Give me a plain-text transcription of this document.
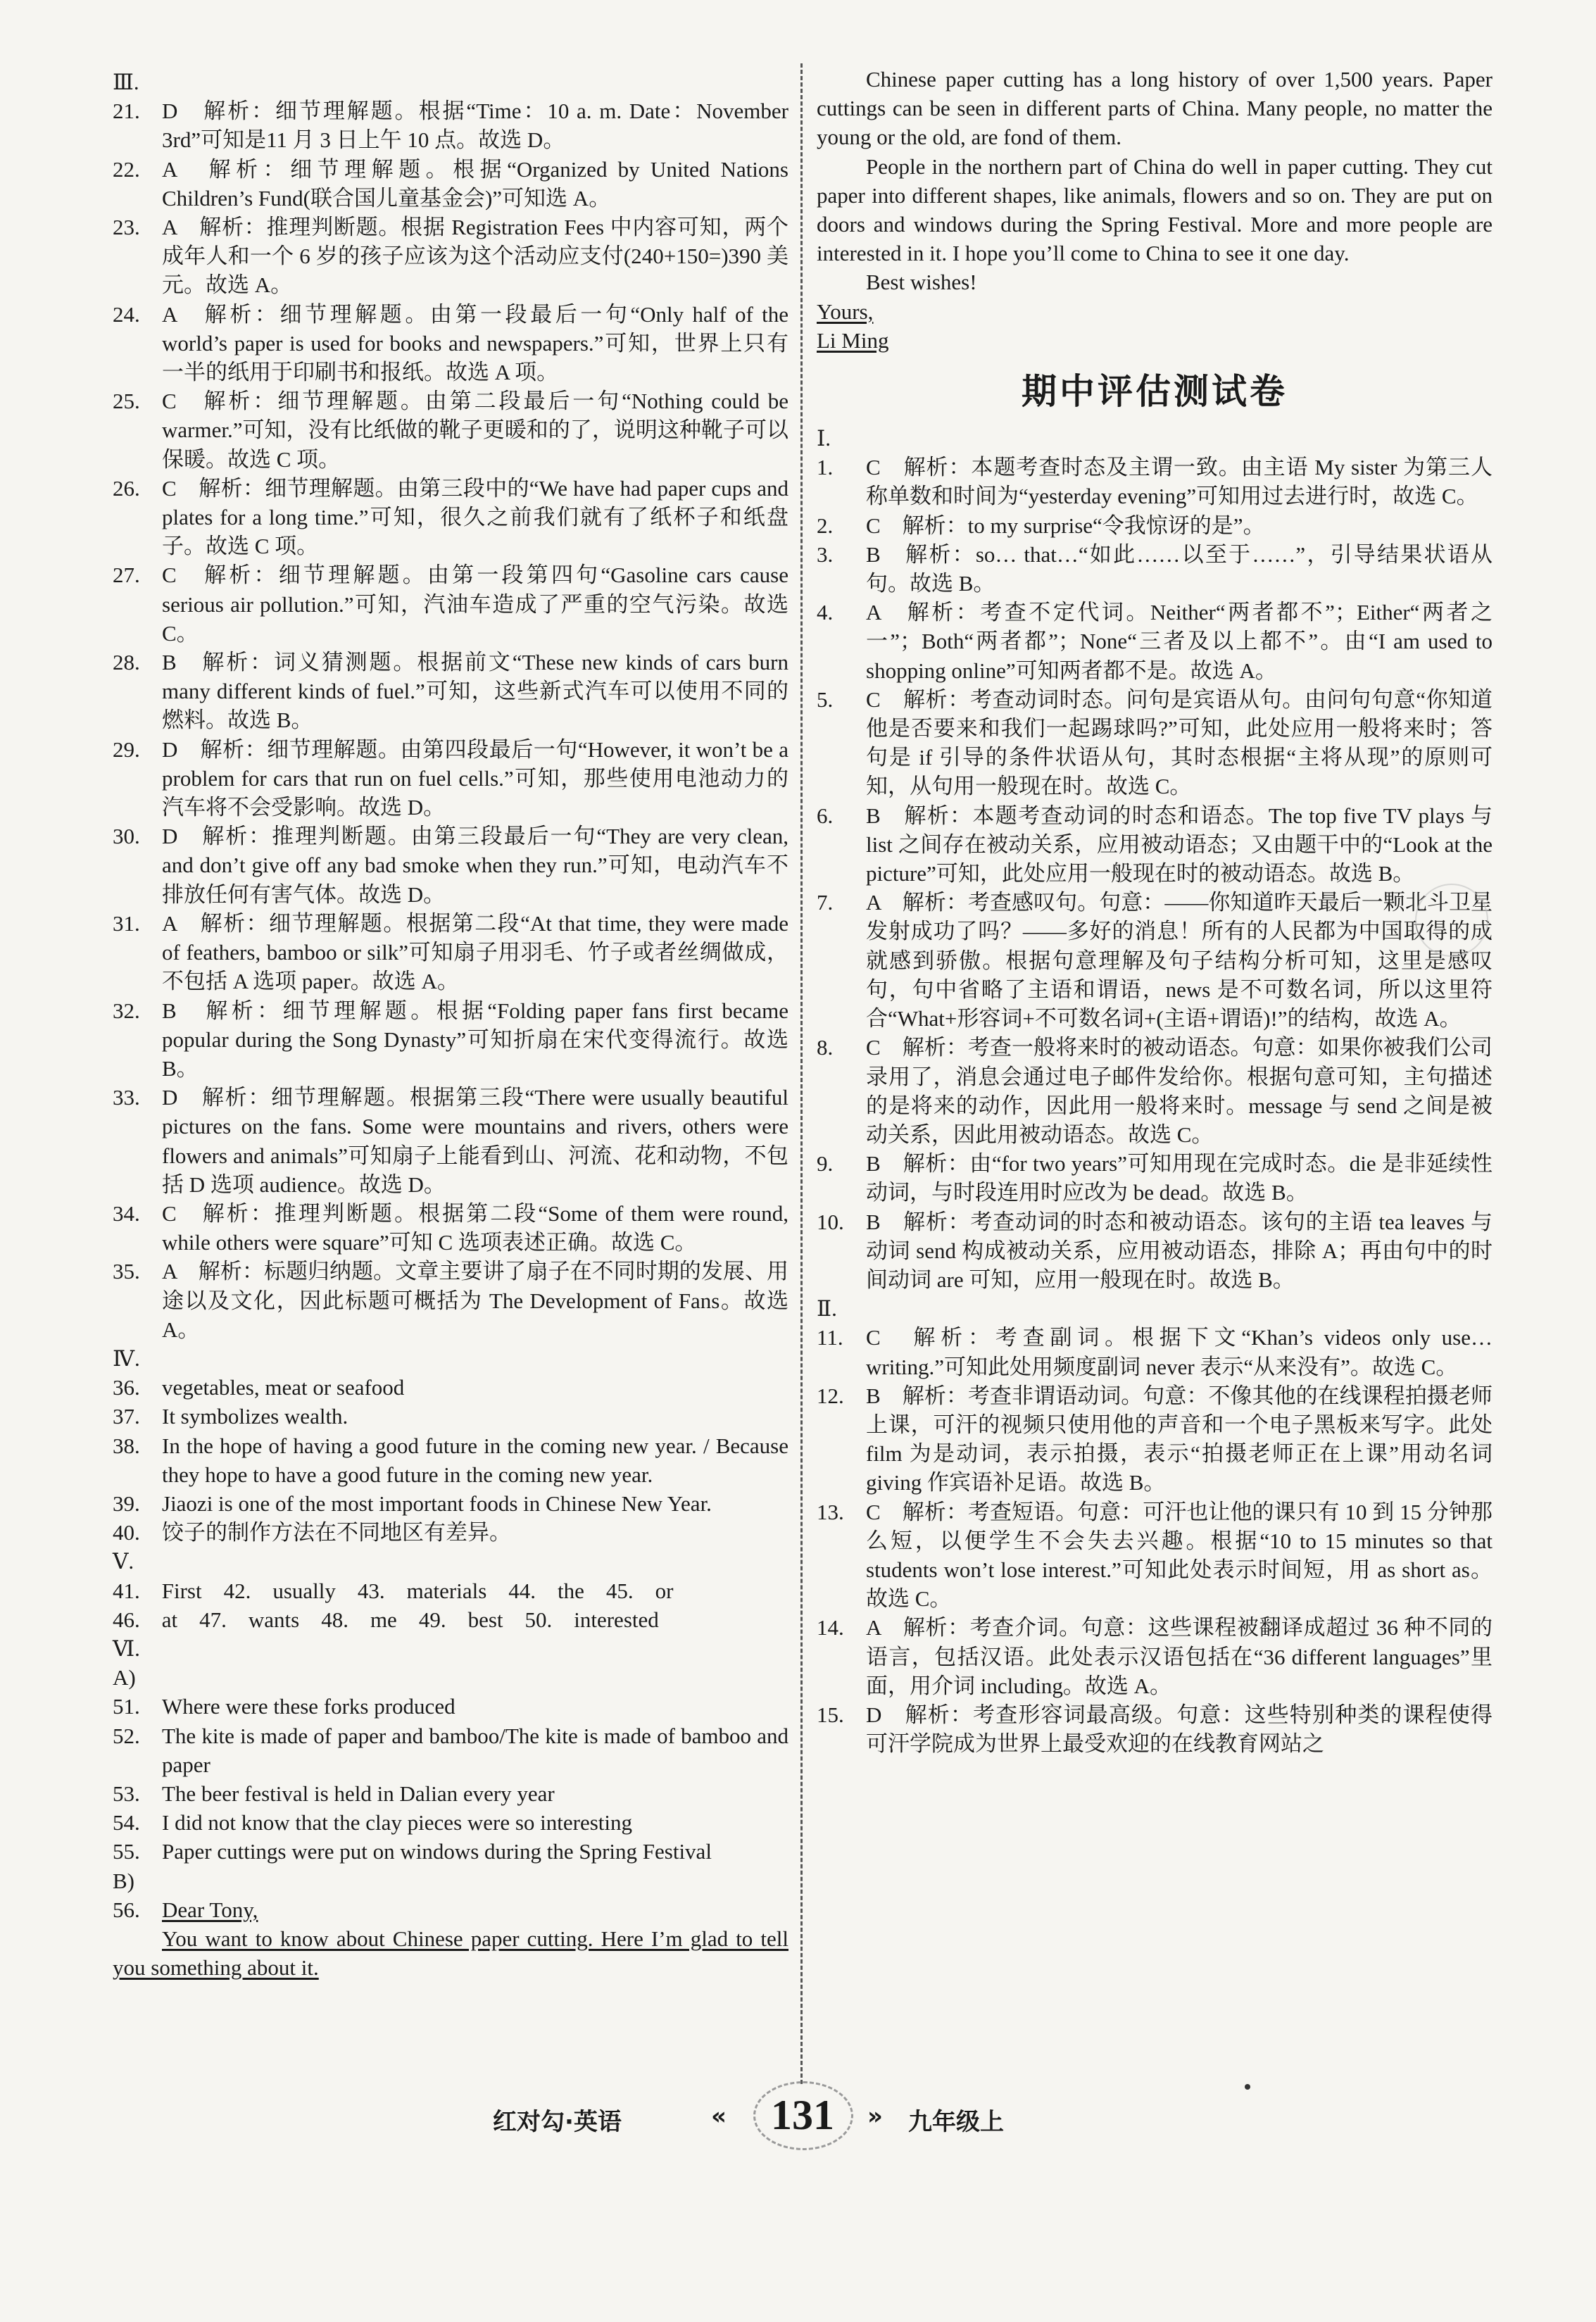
Ⅲ.
21.	D　解析：细节理解题。根据“Time：10 a. m. Date：November 3rd”可知是11 月 3 日上午 10 点。故选 D。
22.	A　解析：细节理解题。根据“Organized by United Nations Children’s Fund(联合国儿童基金会)”可知选 A。
23.	A　解析：推理判断题。根据 Registration Fees 中内容可知，两个成年人和一个 6 岁的孩子应该为这个活动应支付(240+150=)390 美元。故选 A。
24.	A　解析：细节理解题。由第一段最后一句“Only half of the world’s paper is used for books and newspapers.”可知，世界上只有一半的纸用于印刷书和报纸。故选 A 项。
25.	C　解析：细节理解题。由第二段最后一句“Nothing could be warmer.”可知，没有比纸做的靴子更暖和的了，说明这种靴子可以保暖。故选 C 项。
26.	C　解析：细节理解题。由第三段中的“We have had paper cups and plates for a long time.”可知，很久之前我们就有了纸杯子和纸盘子。故选 C 项。
27.	C　解析：细节理解题。由第一段第四句“Gasoline cars cause serious air pollution.”可知，汽油车造成了严重的空气污染。故选 C。
28.	B　解析：词义猜测题。根据前文“These new kinds of cars burn many different kinds of fuel.”可知，这些新式汽车可以使用不同的燃料。故选 B。
29.	D　解析：细节理解题。由第四段最后一句“However, it won’t be a problem for cars that run on fuel cells.”可知，那些使用电池动力的汽车将不会受影响。故选 D。
30.	D　解析：推理判断题。由第三段最后一句“They are very clean, and don’t give off any bad smoke when they run.”可知，电动汽车不排放任何有害气体。故选 D。
31.	A　解析：细节理解题。根据第二段“At that time, they were made of feathers, bamboo or silk”可知扇子用羽毛、竹子或者丝绸做成，不包括 A 选项 paper。故选 A。
32.	B　解析：细节理解题。根据“Folding paper fans first became popular during the Song Dynasty”可知折扇在宋代变得流行。故选 B。
33.	D　解析：细节理解题。根据第三段“There were usually beautiful pictures on the fans. Some were mountains and rivers, others were flowers and animals”可知扇子上能看到山、河流、花和动物，不包括 D 选项 audience。故选 D。
34.	C　解析：推理判断题。根据第二段“Some of them were round, while others were square”可知 C 选项表述正确。故选 C。
35.	A　解析：标题归纳题。文章主要讲了扇子在不同时期的发展、用途以及文化，因此标题可概括为 The Development of Fans。故选 A。
Ⅳ.
36.	vegetables, meat or seafood
37.	It symbolizes wealth.
38.	In the hope of having a good future in the coming new year. / Because they hope to have a good future in the coming new year.
39.	Jiaozi is one of the most important foods in Chinese New Year.
40.	饺子的制作方法在不同地区有差异。
Ⅴ.
41.　First　42.　usually　43.　materials　44.　the　45.　or
46.　at　47.　wants　48.　me　49.　best　50.　interested
Ⅵ.
A)
51.	Where were these forks produced
52.	The kite is made of paper and bamboo/The kite is made of bamboo and paper
53.	The beer festival is held in Dalian every year
54.	I did not know that the clay pieces were so interesting
55.	Paper cuttings were put on windows during the Spring Festival
B)
56.	Dear Tony,
You want to know about Chinese paper cutting. Here I’m glad to tell you something about it.
Chinese paper cutting has a long history of over 1,500 years. Paper cuttings can be seen in different parts of China. Many people, no matter the young or the old, are fond of them.
People in the northern part of China do well in paper cutting. They cut paper into different shapes, like animals, flowers and so on. They are put on doors and windows during the Spring Festival. More and more people are interested in it. I hope you’ll come to China to see it one day.
Best wishes!
Yours,
Li Ming
期中评估测试卷
Ⅰ.
1.	C　解析：本题考查时态及主谓一致。由主语 My sister 为第三人称单数和时间为“yesterday evening”可知用过去进行时，故选 C。
2.	C　解析：to my surprise“令我惊讶的是”。
3.	B　解析：so… that…“如此……以至于……”，引导结果状语从句。故选 B。
4.	A　解析：考查不定代词。Neither“两者都不”；Either“两者之一”；Both“两者都”；None“三者及以上都不”。由“I am used to shopping online”可知两者都不是。故选 A。
5.	C　解析：考查动词时态。问句是宾语从句。由问句句意“你知道他是否要来和我们一起踢球吗?”可知，此处应用一般将来时；答句是 if 引导的条件状语从句，其时态根据“主将从现”的原则可知，从句用一般现在时。故选 C。
6.	B　解析：本题考查动词的时态和语态。The top five TV plays 与 list 之间存在被动关系，应用被动语态；又由题干中的“Look at the picture”可知，此处应用一般现在时的被动语态。故选 B。
7.	A　解析：考查感叹句。句意：——你知道昨天最后一颗北斗卫星发射成功了吗？——多好的消息！所有的人民都为中国取得的成就感到骄傲。根据句意理解及句子结构分析可知，这里是感叹句，句中省略了主语和谓语，news 是不可数名词，所以这里符合“What+形容词+不可数名词+(主语+谓语)!”的结构，故选 A。
8.	C　解析：考查一般将来时的被动语态。句意：如果你被我们公司录用了，消息会通过电子邮件发给你。根据句意可知，主句描述的是将来的动作，因此用一般将来时。message 与 send 之间是被动关系，因此用被动语态。故选 C。
9.	B　解析：由“for two years”可知用现在完成时态。die 是非延续性动词，与时段连用时应改为 be dead。故选 B。
10.	B　解析：考查动词的时态和被动语态。该句的主语 tea leaves 与动词 send 构成被动关系，应用被动语态，排除 A；再由句中的时间动词 are 可知，应用一般现在时。故选 B。
Ⅱ.
11.	C　解析：考查副词。根据下文“Khan’s videos only use… writing.”可知此处用频度副词 never 表示“从来没有”。故选 C。
12.	B　解析：考查非谓语动词。句意：不像其他的在线课程拍摄老师上课，可汗的视频只使用他的声音和一个电子黑板来写字。此处 film 为是动词，表示拍摄，表示“拍摄老师正在上课”用动名词 giving 作宾语补足语。故选 B。
13.	C　解析：考查短语。句意：可汗也让他的课只有 10 到 15 分钟那么短，以便学生不会失去兴趣。根据“10 to 15 minutes so that students won’t lose interest.”可知此处表示时间短，用 as short as。故选 C。
14.	A　解析：考查介词。句意：这些课程被翻译成超过 36 种不同的语言，包括汉语。此处表示汉语包括在“36 different languages”里面，用介词 including。故选 A。
15.	D　解析：考查形容词最高级。句意：这些特别种类的课程使得可汗学院成为世界上最受欢迎的在线教育网站之
红对勾·英语	« 131	» 九年级上
